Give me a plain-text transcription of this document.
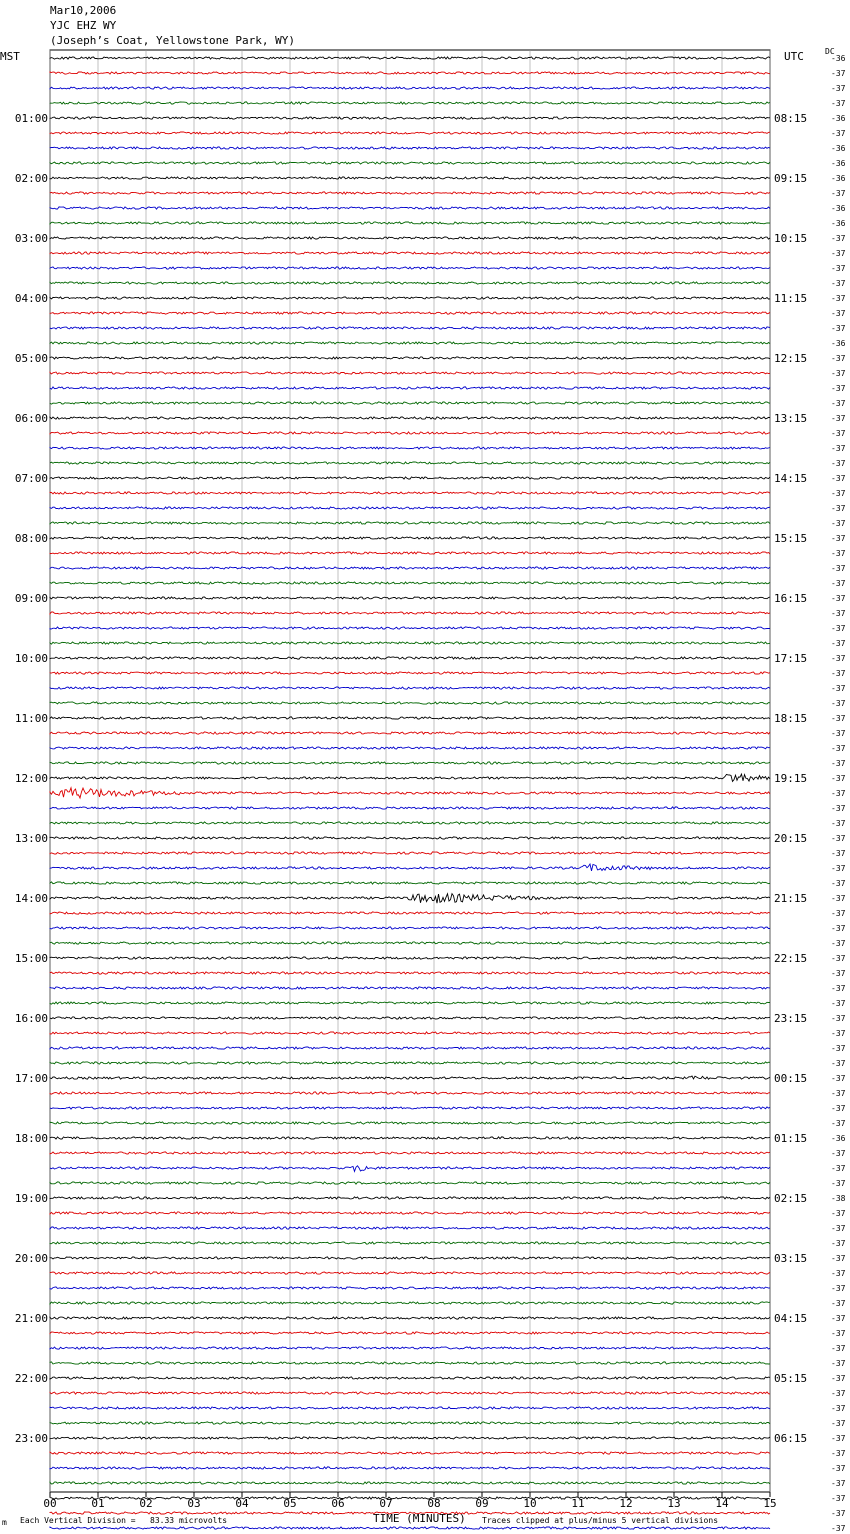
Mar10,2006
YJC EHZ WY
(Joseph’s Coat, Yellowstone Park, WY)
MST	UTC	DC
00	01	02	03	04	05	06	07	08	09	10	11	12	13	14	15
-36
-37
-37
-37
-36
-37
-36
-36
-36
-37
-36
-36
-37
-37
-37
-37
-37
-37
-37
-36
-37
-37
-37
-37
-37
-37
-37
-37
-37
-37
-37
-37
-37
-37
-37
-37
-37
-37
-37
-37
-37
-37
-37
-37
-37
-37
-37
-37
-37
-37
-37
-37
-37
-37
-37
-37
-37
-37
-37
-37
-37
-37
-37
-37
-37
-37
-37
-37
-37
-37
-37
-37
-36
-37
-37
-37
-38
-37
-37
-37
-37
-37
-37
-37
-37
-37
-37
-37
-37
-37
-37
-37
-37
-37
-37
-37
-37
-37
-37
01:00
02:00
03:00
04:00
05:00
06:00
07:00
08:00
09:00
10:00
11:00
12:00
13:00
14:00
15:00
16:00
17:00
18:00
19:00
20:00
21:00
22:00
23:00
08:15
09:15
10:15
11:15
12:15
13:15
14:15
15:15
16:15
17:15
18:15
19:15
20:15
21:15
22:15
23:15
00:15
01:15
02:15
03:15
04:15
05:15
06:15
m Each Vertical Division =   83.33 microvolts	TIME (MINUTES) Traces clipped at plus/minus 5 vertical divisions
